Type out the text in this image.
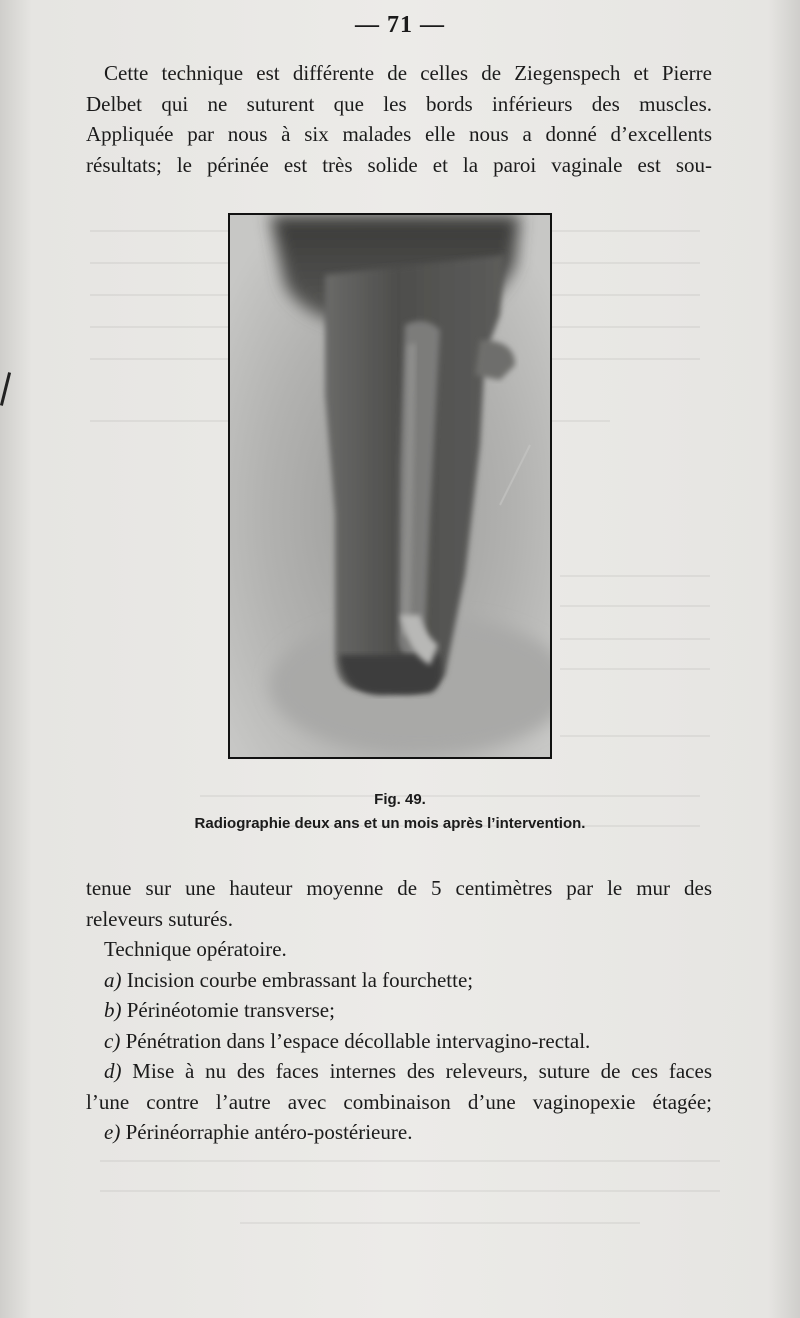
— 71 —
Cette technique est différente de celles de Ziegenspech et Pierre
Delbet qui ne suturent que les bords inférieurs des muscles.
Appliquée par nous à six malades elle nous a donné d’excellents
résultats; le périnée est très solide et la paroi vaginale est sou-
Fig. 49.
Radiographie deux ans et un mois après l’intervention.
tenue sur une hauteur moyenne de 5 centimètres par le mur des
releveurs suturés.
Technique opératoire.
a) Incision courbe embrassant la fourchette;
b) Périnéotomie transverse;
c) Pénétration dans l’espace décollable intervagino-rectal.
d) Mise à nu des faces internes des releveurs, suture de ces faces
l’une contre l’autre avec combinaison d’une vaginopexie étagée;
e) Périnéorraphie antéro-postérieure.
